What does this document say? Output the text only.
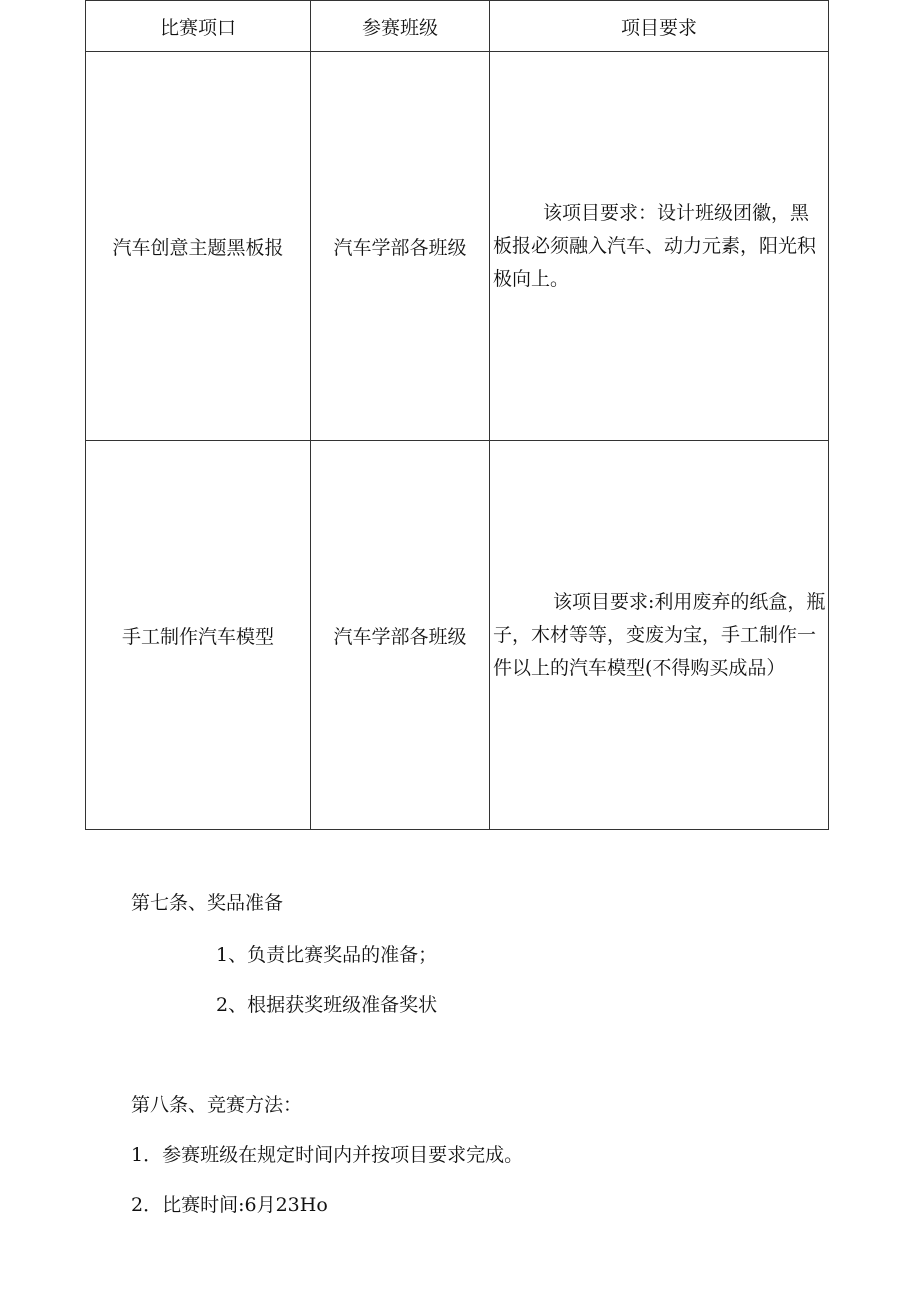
比赛项口	参赛班级	项目要求
汽车创意主题黑板报	汽车学部各班级	该项目要求：设计班级团徽，黑板报必须融入汽车、动力元素，阳光积极向上。

手工制作汽车模型	汽车学部各班级	该项目要求:利用废弃的纸盒，瓶子，木材等等，变废为宝，手工制作一件以上的汽车模型(不得购买成品）
第七条、奖品准备
1、负责比赛奖品的准备；
2、根据获奖班级准备奖状
第八条、竞赛方法：
1．参赛班级在规定时间内并按项目要求完成。
2．比赛时间:6月23Ho
